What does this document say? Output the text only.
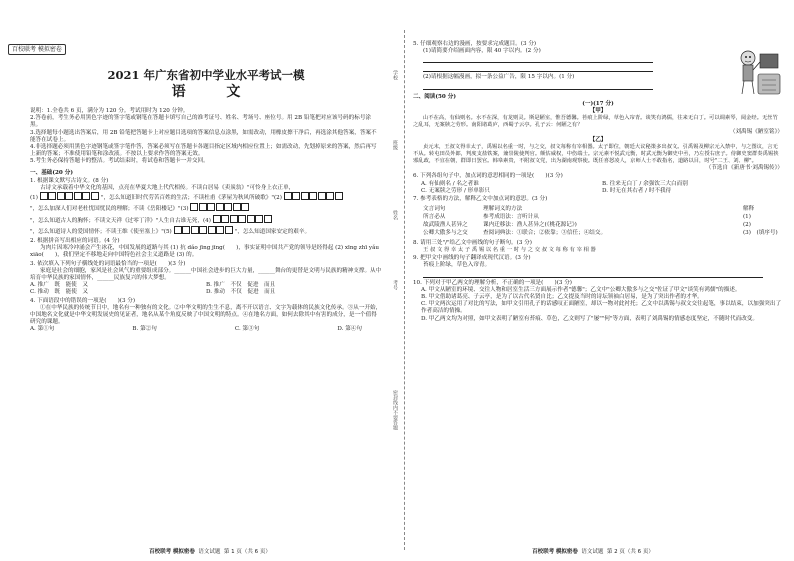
百校联考 模拟密卷
2021 年广东省初中学业水平考试一模
语 文

说明：1.全卷共 6 页，满分为 120 分。考试用时为 120 分钟。

2.答卷前，考生务必用黑色字迹的签字笔或钢笔在答题卡填写自己的准考证号、姓名、考场号、座位号。用 2B 铅笔把对应该号码的标号涂黑。

3.选择题每小题选出答案后，用 2B 铅笔把答题卡上对应题目选项的答案信息点涂黑，如需改动，用橡皮擦干净后，再选涂其他答案，答案不能答在试卷上。

4.非选择题必须用黑色字迹钢笔或签字笔作答，答案必须写在答题卡各题目指定区域内相应位置上；如需改动，先划掉原来的答案，然后再写上新的答案；不准使用铅笔和涂改液。不按以上要求作答的答案无效。

5.考生务必保持答题卡的整洁。考试结束时，将试卷和答题卡一并交回。

一、基础(20 分)

1. 根据课文默写古诗文。(8 分)

古诗文承载着中华文化的基因，点亮在华夏大地上代代相传。不读白居易《卖炭翁》"可怜身上衣正单，

(1)	"，怎么知道旧时代劳苦百姓的生活；不读杜甫《茅屋为秋风所破歌》"(2)

"，怎么加深人们对老杜忧国忧民的理解；不读《岳阳楼记》"(3)

"，怎么知道古人的胸怀；不读文天祥《过零丁洋》"人生自古谁无死，(4)

"，怎么知道诗人的爱国情怀；不读王维《使至塞上》"(5)	"，怎么知道国家安定的艰辛。

2. 根据拼音写出相应的词语。(4 分)

为肉片因寒冷冲涌会产生冰花，中国发展的道路与其 (1) 抗 dǎo jīng jīng(　　)，事实证明中国共产党的领导是经得起 (2) xīng zhī yǎu xiāo(　　)，我们坚定不移地走向中国特色社会主义道路是 (3) 的。

3. 依次填入下列句子横线处的词语最恰当的一项是(　　)(3 分)

家庭是社会的细胞，家风是社会风气的重要组成部分。______中国社会进步的巨大力量，______舞台的更替是文明与民族的精神支撑。从中培育中华民族的家国情怀，______民族复兴的伟大梦想。

A. 推广　既　能使　又	B. 推广　不仅　促进　而且
C. 推动　既　能使　又	D. 推动　不仅　促进　而且

4. 下面语段中的错误的一项是(　　)(3 分)

①在中华民族的传统节日中，地名有一种独有的文化。②中华文明的生生不息，离不开以语言、文字为载体的民族文化传承。③从一开始，中国地名文化就是中华文明发展史的见证者，地名从某个角度反映了中国文明的特点。④在地名方面，如何去除其中有害的成分，是一个值得研究的课题。

A. 第①句	B. 第②句	C. 第③句	D. 第④句
百校联考 模拟密卷 语文试题 第 1 页（共 6 页）
学校
班级
姓名
考号
密封线内不要答题

5. 仔细观察右边的漫画，按要求完成题目。(3 分)

(1)请简要介绍画面内容，限 40 字以内。(2 分)

(2)请根据这幅漫画，拟一条公益广告，限 15 字以内。(1 分)

二、阅读(50 分)
(一)(17 分)
【甲】

山不在高，有仙则名。水不在深，有龙则灵。斯是陋室，惟吾德馨。苔痕上阶绿，草色入帘青。谈笑有鸿儒，往来无白丁。可以调素琴，阅金经。无丝竹之乱耳，无案牍之劳形。南阳诸葛庐，西蜀子云亭。孔子云：何陋之有？

（刘禹锡《陋室铭》）

【乙】

贞元末，王叔文得幸太子，禹锡以名重一时，与之交，叔文每称有宰相器。太子即位，朝廷大议秘策多出叔文。引禹锡及柳宗元入禁中，与之图议，言无不从。转屯田员外郎，判度支盐铁案，兼崇陵使判官。颇怙威权，中伤端士。宗元素不悦武元衡，时武元衡为御史中丞，乃左授右庶子。侍御史窦群奏禹锡挟邪乱政，不宜在朝，群即日罢官。韩皋素贵，不附叔文党，出为湖南观察使。既任喜怒凌人，京师人士不敢指名，道路以目，时号"二王、刘、柳"。

（节选自《新唐书·刘禹锡传》）

6. 下列各组句子中，加点词的意思相同的一项是(　　)(3 分)

A. 有仙则名 / 名之者谁	B. 往来无白丁 / 余强饮三大白而别
C. 无案牍之劳形 / 形单影只	D. 时无在其右者 / 时不我待

7. 参考表格的方法，解释乙文中加点词的意思。(3 分)

文言词句	理解词义的方法	解释
所言必从	参考成语法：言听计从	(1)
故武陵渔人甚异之	课内迁移法：渔人甚异之(《桃花源记》)	(2)
公卿大傲多与之交	查阅词典法：①联合；②依靠；③信任；④结交。	(3)　(填序号)

8. 请用三处"/"给乙文中画线的句子断句。(3 分)

王 叔 文 得 幸 太 子 禹 锡 以 名 重 一 时 与 之 交 叔 文 每 称 有 宰 相 器

9. 把甲文中画线的句子翻译成现代汉语。(3 分)

苔痕上阶绿，草色入帘青。

10. 下列对于甲乙两文的理解分析，不正确的一项是(　　)(3 分)

A. 甲文从陋室的环境、交往人物和居室生活三方面展示作者"德馨"；乙文中"公卿大傲多与之交"佐证了甲文"谈笑有鸿儒"的描述。

B. 甲文借助诸葛亮、子云亭，是为了以古代名贤自比；乙文提及当时的诗坛领袖白居易，是为了突出作者的才华。

C. 甲文两次运用了对比的写法，如甲文引用孔子的话感叹正面陋室，却以一物对此衬托；乙文中以禹锡与叔文交往起笔，事以结束，以加强突出了作者高洁的情操。

D. 甲乙两文均为对照，如甲文表明了陋室有苔痕、草色，乙文则写了"屡""何"等方面，表明了刘禹锡的情感态度坚定，不随时代而改变。

百校联考 模拟密卷 语文试题 第 2 页（共 6 页）
